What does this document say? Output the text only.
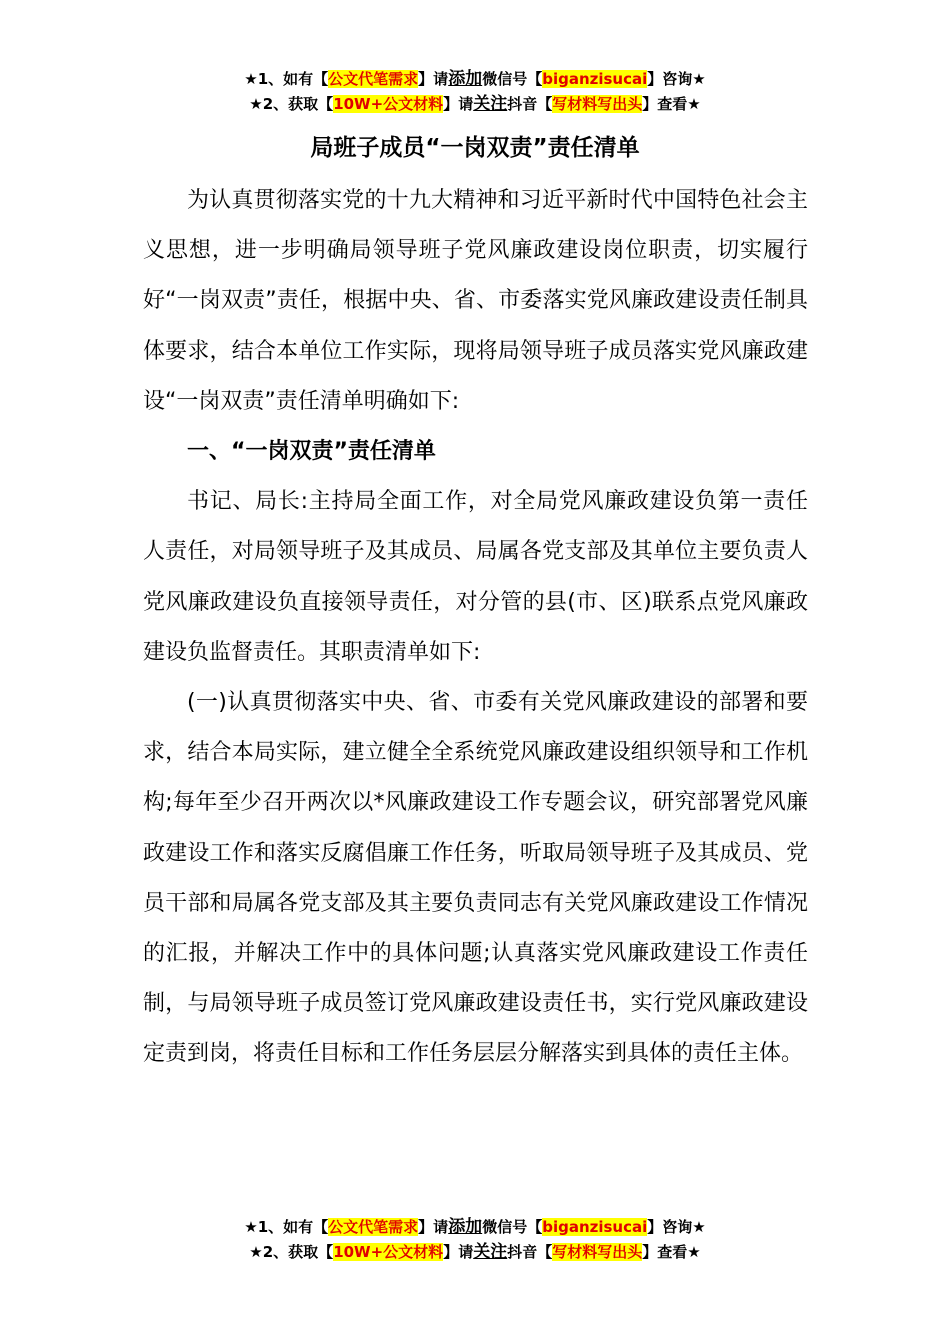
★1、如有【公文代笔需求】请添加微信号【biganzisucai】咨询★
★2、获取【10W+公文材料】请关注抖音【写材料写出头】查看★
局班子成员“一岗双责”责任清单

为认真贯彻落实党的十九大精神和习近平新时代中国特色社会主义思想，进一步明确局领导班子党风廉政建设岗位职责，切实履行好“一岗双责”责任，根据中央、省、市委落实党风廉政建设责任制具体要求，结合本单位工作实际，现将局领导班子成员落实党风廉政建设“一岗双责”责任清单明确如下:

一、“一岗双责”责任清单

书记、局长:主持局全面工作，对全局党风廉政建设负第一责任人责任，对局领导班子及其成员、局属各党支部及其单位主要负责人党风廉政建设负直接领导责任，对分管的县(市、区)联系点党风廉政建设负监督责任。其职责清单如下:

(一)认真贯彻落实中央、省、市委有关党风廉政建设的部署和要求，结合本局实际，建立健全全系统党风廉政建设组织领导和工作机构;每年至少召开两次以*风廉政建设工作专题会议，研究部署党风廉政建设工作和落实反腐倡廉工作任务，听取局领导班子及其成员、党员干部和局属各党支部及其主要负责同志有关党风廉政建设工作情况的汇报，并解决工作中的具体问题;认真落实党风廉政建设工作责任制，与局领导班子成员签订党风廉政建设责任书，实行党风廉政建设定责到岗，将责任目标和工作任务层层分解落实到具体的责任主体。

★1、如有【公文代笔需求】请添加微信号【biganzisucai】咨询★
★2、获取【10W+公文材料】请关注抖音【写材料写出头】查看★
